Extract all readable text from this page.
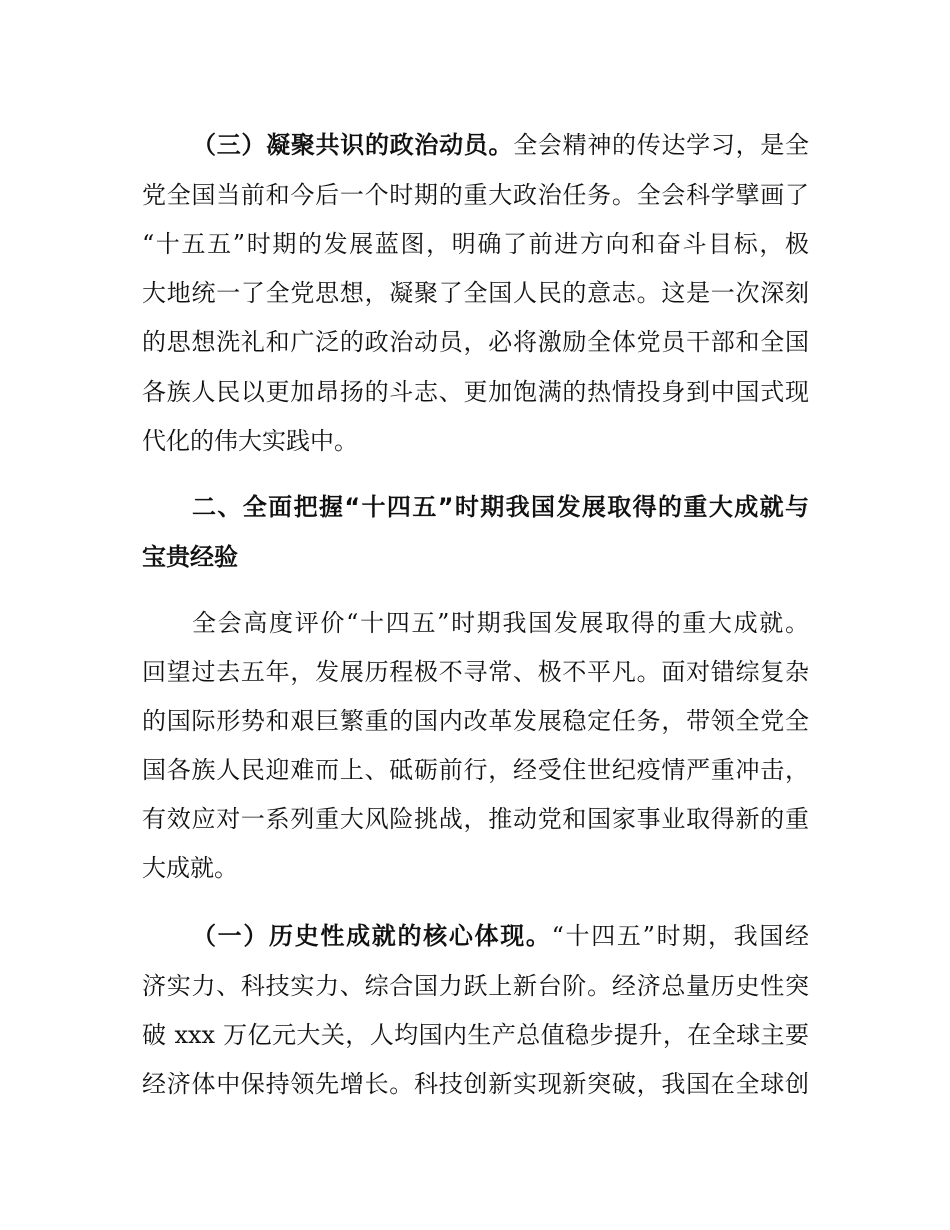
（三）凝聚共识的政治动员。全会精神的传达学习，是全
党全国当前和今后一个时期的重大政治任务。全会科学擘画了
“十五五”时期的发展蓝图，明确了前进方向和奋斗目标，极
大地统一了全党思想，凝聚了全国人民的意志。这是一次深刻
的思想洗礼和广泛的政治动员，必将激励全体党员干部和全国
各族人民以更加昂扬的斗志、更加饱满的热情投身到中国式现
代化的伟大实践中。
二、全面把握“十四五”时期我国发展取得的重大成就与
宝贵经验
全会高度评价“十四五”时期我国发展取得的重大成就。
回望过去五年，发展历程极不寻常、极不平凡。面对错综复杂
的国际形势和艰巨繁重的国内改革发展稳定任务，带领全党全
国各族人民迎难而上、砥砺前行，经受住世纪疫情严重冲击，
有效应对一系列重大风险挑战，推动党和国家事业取得新的重
大成就。
（一）历史性成就的核心体现。“十四五”时期，我国经
济实力、科技实力、综合国力跃上新台阶。经济总量历史性突
破 xxx 万亿元大关，人均国内生产总值稳步提升，在全球主要
经济体中保持领先增长。科技创新实现新突破，我国在全球创
